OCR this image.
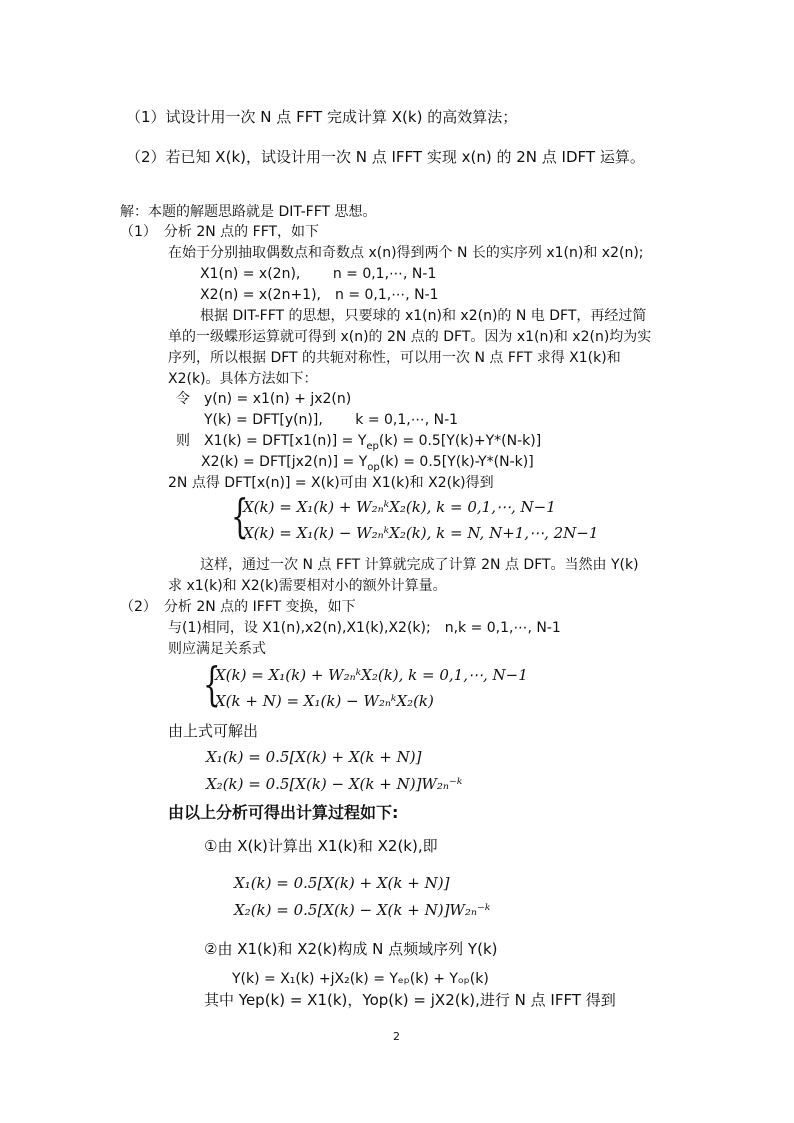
（1）试设计用一次 N 点 FFT 完成计算 X(k) 的高效算法；
（2）若已知 X(k)，试设计用一次 N 点 IFFT 实现 x(n) 的 2N 点 IDFT 运算。
解：本题的解题思路就是 DIT-FFT 思想。
（1）　分析 2N 点的 FFT，如下
在始于分别抽取偶数点和奇数点 x(n)得到两个 N 长的实序列 x1(n)和 x2(n);
X1(n) = x(2n),　　 n = 0,1,⋯, N-1
X2(n) = x(2n+1),　n = 0,1,⋯, N-1
根据 DIT-FFT 的思想，只要球的 x1(n)和 x2(n)的 N 电 DFT，再经过简
单的一级蝶形运算就可得到 x(n)的 2N 点的 DFT。因为 x1(n)和 x2(n)均为实
序列，所以根据 DFT 的共轭对称性，可以用一次 N 点 FFT 求得 X1(k)和
X2(k)。具体方法如下：
令　y(n) = x1(n) + jx2(n)
Y(k) = DFT[y(n)],　　 k = 0,1,⋯, N-1
则　$X1(k) = DFT[x1(n)] = Y_{ep}(k) = 0.5[Y(k)+Y*(N-k)]$
$X2(k) = DFT[jx2(n)] = Y_{op}(k) = 0.5[Y(k)-Y*(N-k)]$
2N 点得 DFT[x(n)] = X(k)可由 X1(k)和 X2(k)得到
{
X(k) = X₁(k) + W₂ₙᵏX₂(k), k = 0,1,⋯, N−1
X(k) = X₁(k) − W₂ₙᵏX₂(k), k = N, N+1,⋯, 2N−1
这样，通过一次 N 点 FFT 计算就完成了计算 2N 点 DFT。当然由 Y(k)
求 x1(k)和 X2(k)需要相对小的额外计算量。
（2）　分析 2N 点的 IFFT 变换，如下
与(1)相同，设 X1(n),x2(n),X1(k),X2(k);　n,k = 0,1,⋯, N-1
则应满足关系式
{
X(k) = X₁(k) + W₂ₙᵏX₂(k), k = 0,1,⋯, N−1
X(k + N) = X₁(k) − W₂ₙᵏX₂(k)
由上式可解出
X₁(k) = 0.5[X(k) + X(k + N)]
X₂(k) = 0.5[X(k) − X(k + N)]W₂ₙ⁻ᵏ
由以上分析可得出计算过程如下:
①由 X(k)计算出 X1(k)和 X2(k),即
X₁(k) = 0.5[X(k) + X(k + N)]
X₂(k) = 0.5[X(k) − X(k + N)]W₂ₙ⁻ᵏ
②由 X1(k)和 X2(k)构成 N 点频域序列 Y(k)
Y(k) = X₁(k) +jX₂(k) = Yₑₚ(k) + Yₒₚ(k)
其中 Yep(k) = X1(k)，Yop(k) = jX2(k),进行 N 点 IFFT 得到
2
